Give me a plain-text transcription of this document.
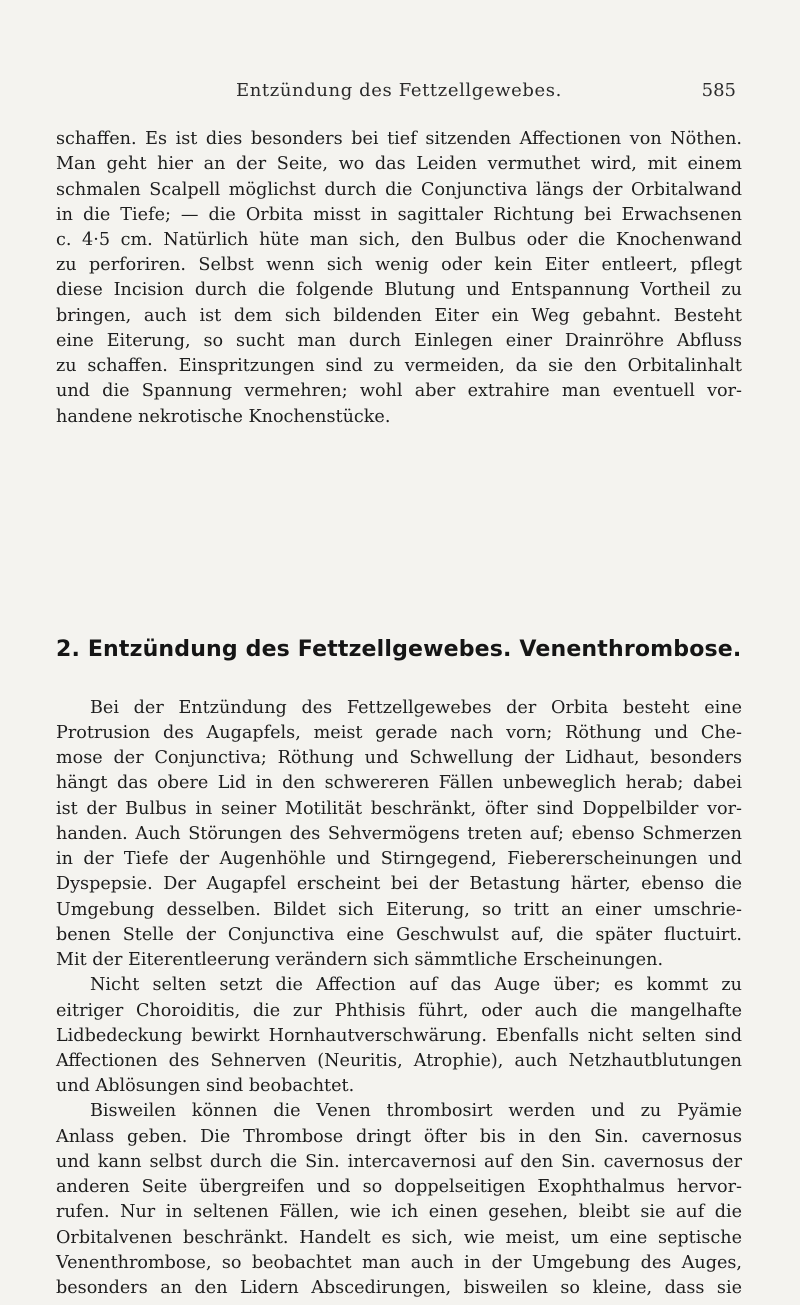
Entzündung des Fettzellgewebes.	585
schaffen. Es ist dies besonders bei tief sitzenden Affectionen von Nöthen.
Man geht hier an der Seite, wo das Leiden vermuthet wird, mit einem
schmalen Scalpell möglichst durch die Conjunctiva längs der Orbitalwand
in die Tiefe; — die Orbita misst in sagittaler Richtung bei Erwachsenen
c. 4·5 cm. Natürlich hüte man sich, den Bulbus oder die Knochenwand
zu perforiren. Selbst wenn sich wenig oder kein Eiter entleert, pflegt
diese Incision durch die folgende Blutung und Entspannung Vortheil zu
bringen, auch ist dem sich bildenden Eiter ein Weg gebahnt. Besteht
eine Eiterung, so sucht man durch Einlegen einer Drainröhre Abfluss
zu schaffen. Einspritzungen sind zu vermeiden, da sie den Orbitalinhalt
und die Spannung vermehren; wohl aber extrahire man eventuell vor-
handene nekrotische Knochenstücke.
2. Entzündung des Fettzellgewebes. Venenthrombose.
Bei der Entzündung des Fettzellgewebes der Orbita besteht eine
Protrusion des Augapfels, meist gerade nach vorn; Röthung und Che-
mose der Conjunctiva; Röthung und Schwellung der Lidhaut, besonders
hängt das obere Lid in den schwereren Fällen unbeweglich herab; dabei
ist der Bulbus in seiner Motilität beschränkt, öfter sind Doppelbilder vor-
handen. Auch Störungen des Sehvermögens treten auf; ebenso Schmerzen
in der Tiefe der Augenhöhle und Stirngegend, Fiebererscheinungen und
Dyspepsie. Der Augapfel erscheint bei der Betastung härter, ebenso die
Umgebung desselben. Bildet sich Eiterung, so tritt an einer umschrie-
benen Stelle der Conjunctiva eine Geschwulst auf, die später fluctuirt.
Mit der Eiterentleerung verändern sich sämmtliche Erscheinungen.
Nicht selten setzt die Affection auf das Auge über; es kommt zu
eitriger Choroiditis, die zur Phthisis führt, oder auch die mangelhafte
Lidbedeckung bewirkt Hornhautverschwärung. Ebenfalls nicht selten sind
Affectionen des Sehnerven (Neuritis, Atrophie), auch Netzhautblutungen
und Ablösungen sind beobachtet.
Bisweilen können die Venen thrombosirt werden und zu Pyämie
Anlass geben. Die Thrombose dringt öfter bis in den Sin. cavernosus
und kann selbst durch die Sin. intercavernosi auf den Sin. cavernosus der
anderen Seite übergreifen und so doppelseitigen Exophthalmus hervor-
rufen. Nur in seltenen Fällen, wie ich einen gesehen, bleibt sie auf die
Orbitalvenen beschränkt. Handelt es sich, wie meist, um eine septische
Venenthrombose, so beobachtet man auch in der Umgebung des Auges,
besonders an den Lidern Abscedirungen, bisweilen so kleine, dass sie
